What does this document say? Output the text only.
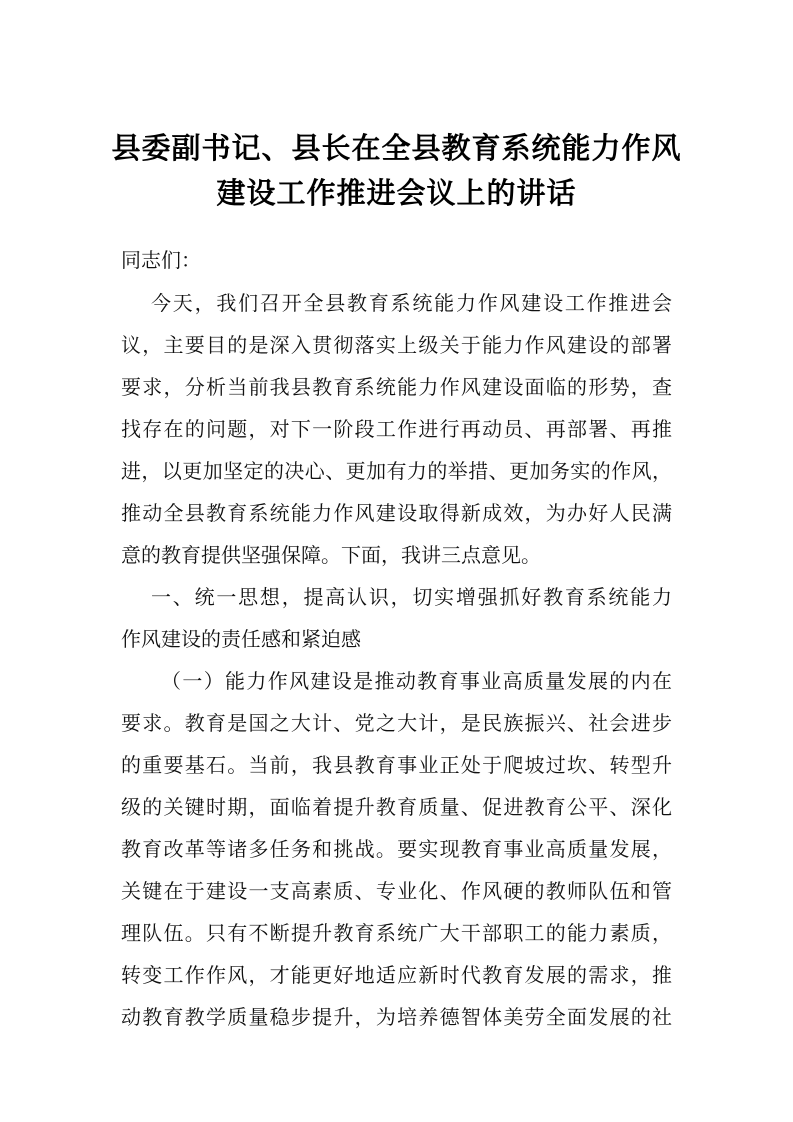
县委副书记、县长在全县教育系统能力作风
建设工作推进会议上的讲话
同志们：
今天，我们召开全县教育系统能力作风建设工作推进会
议，主要目的是深入贯彻落实上级关于能力作风建设的部署
要求，分析当前我县教育系统能力作风建设面临的形势，查
找存在的问题，对下一阶段工作进行再动员、再部署、再推
进，以更加坚定的决心、更加有力的举措、更加务实的作风，
推动全县教育系统能力作风建设取得新成效，为办好人民满
意的教育提供坚强保障。下面，我讲三点意见。
一、统一思想，提高认识，切实增强抓好教育系统能力
作风建设的责任感和紧迫感
（一）能力作风建设是推动教育事业高质量发展的内在
要求。教育是国之大计、党之大计，是民族振兴、社会进步
的重要基石。当前，我县教育事业正处于爬坡过坎、转型升
级的关键时期，面临着提升教育质量、促进教育公平、深化
教育改革等诸多任务和挑战。要实现教育事业高质量发展，
关键在于建设一支高素质、专业化、作风硬的教师队伍和管
理队伍。只有不断提升教育系统广大干部职工的能力素质，
转变工作作风，才能更好地适应新时代教育发展的需求，推
动教育教学质量稳步提升，为培养德智体美劳全面发展的社
